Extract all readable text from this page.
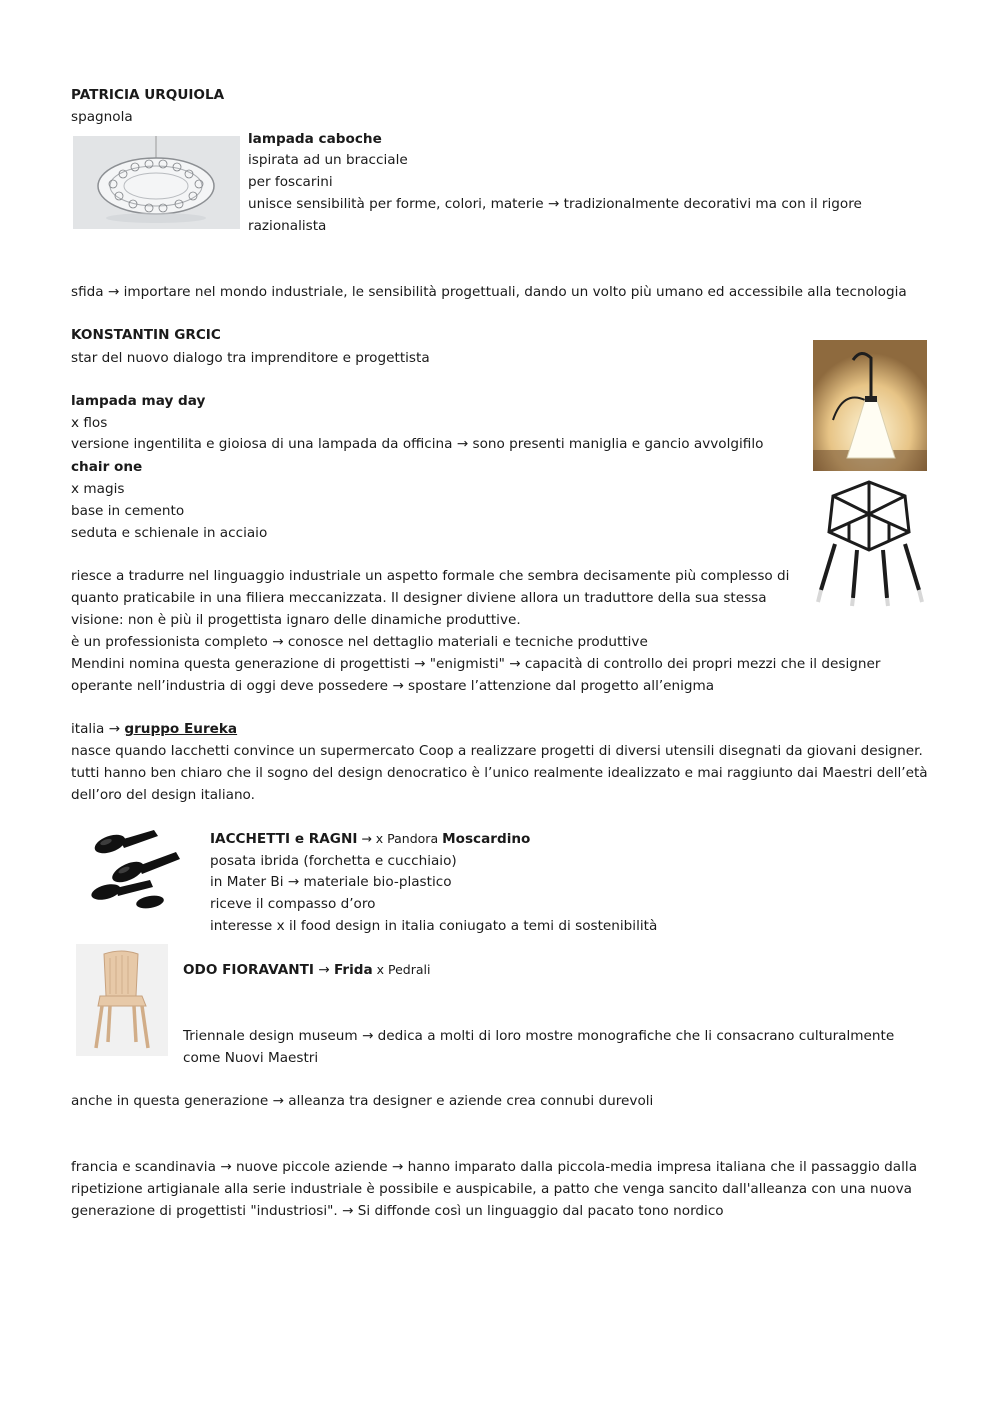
PATRICIA URQUIOLA
spagnola
lampada caboche
ispirata ad un bracciale
per foscarini
unisce sensibilità per forme, colori, materie → tradizionalmente decorativi ma con il rigore
razionalista
sfida → importare nel mondo industriale, le sensibilità progettuali, dando un volto più umano ed accessibile alla tecnologia
KONSTANTIN GRCIC
star del nuovo dialogo tra imprenditore e progettista
lampada may day
x flos
versione ingentilita e gioiosa di una lampada da officina → sono presenti maniglia e gancio avvolgifilo
chair one
x magis
base in cemento
seduta e schienale in acciaio
riesce a tradurre nel linguaggio industriale un aspetto formale che sembra decisamente più complesso di
quanto praticabile in una filiera meccanizzata. Il designer diviene allora un traduttore della sua stessa
visione: non è più il progettista ignaro delle dinamiche produttive.
è un professionista completo → conosce nel dettaglio materiali e tecniche produttive
Mendini nomina questa generazione di progettisti → "enigmisti" → capacità di controllo dei propri mezzi che il designer
operante nell’industria di oggi deve possedere → spostare l’attenzione dal progetto all’enigma
italia → gruppo Eureka
nasce quando Iacchetti convince un supermercato Coop a realizzare progetti di diversi utensili disegnati da giovani designer.
tutti hanno ben chiaro che il sogno del design denocratico è l’unico realmente idealizzato e mai raggiunto dai Maestri dell’età
dell’oro del design italiano.
IACCHETTI e RAGNI → x Pandora Moscardino
posata ibrida (forchetta e cucchiaio)
in Mater Bi → materiale bio-plastico
riceve il compasso d’oro
interesse x il food design in italia coniugato a temi di sostenibilità
ODO FIORAVANTI → Frida x Pedrali
Triennale design museum → dedica a molti di loro mostre monografiche che li consacrano culturalmente
come Nuovi Maestri
anche in questa generazione → alleanza tra designer e aziende crea connubi durevoli
francia e scandinavia → nuove piccole aziende → hanno imparato dalla piccola-media impresa italiana che il passaggio dalla
ripetizione artigianale alla serie industriale è possibile e auspicabile, a patto che venga sancito dall'alleanza con una nuova
generazione di progettisti "industriosi". → Si diffonde così un linguaggio dal pacato tono nordico
